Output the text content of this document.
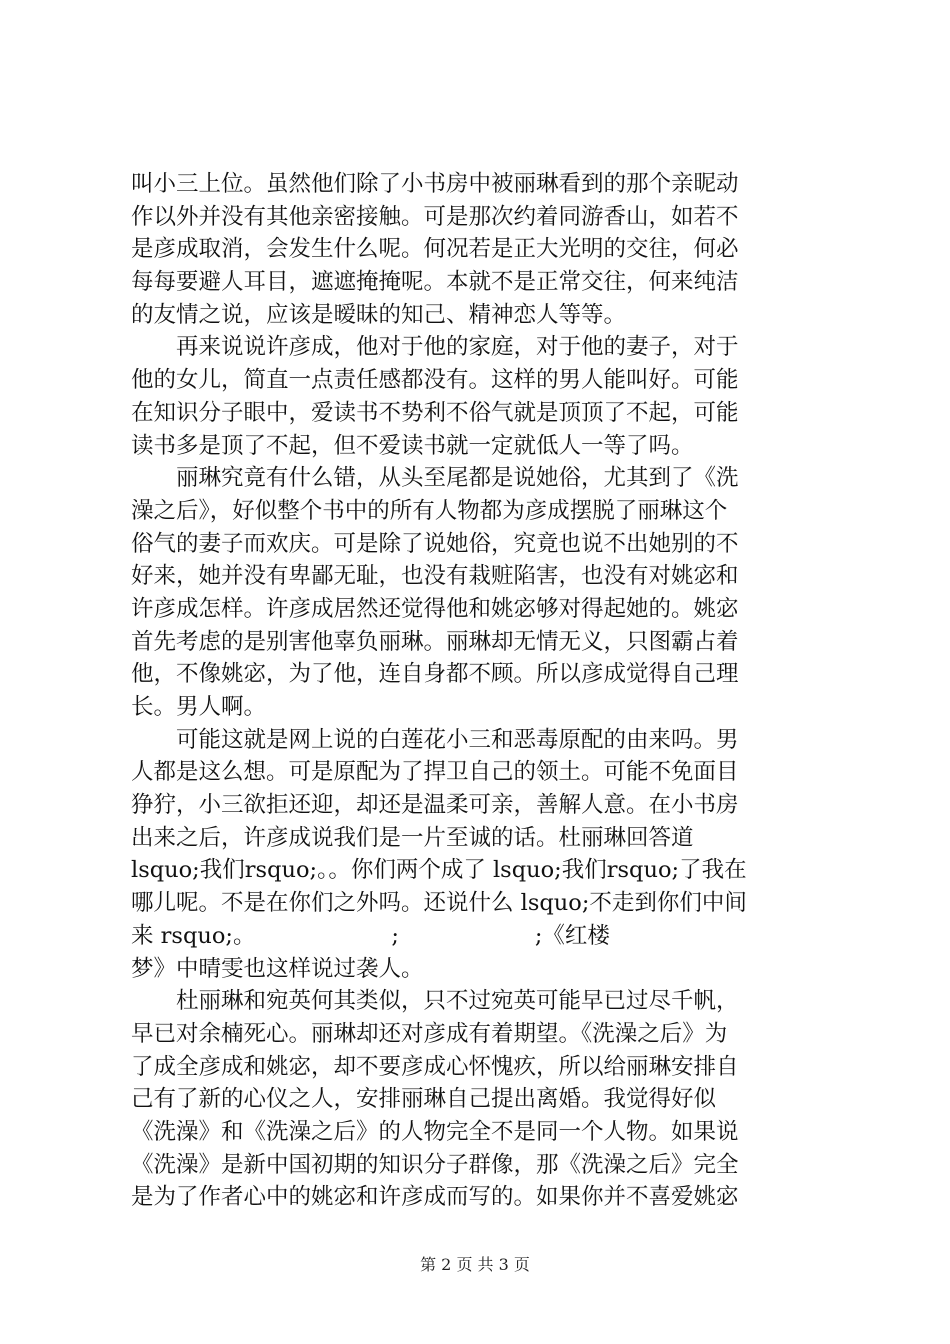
叫小三上位。虽然他们除了小书房中被丽琳看到的那个亲昵动
作以外并没有其他亲密接触。可是那次约着同游香山，如若不
是彦成取消，会发生什么呢。何况若是正大光明的交往，何必
每每要避人耳目，遮遮掩掩呢。本就不是正常交往，何来纯洁
的友情之说，应该是暧昧的知己、精神恋人等等。
　　再来说说许彦成，他对于他的家庭，对于他的妻子，对于
他的女儿，简直一点责任感都没有。这样的男人能叫好。可能
在知识分子眼中，爱读书不势利不俗气就是顶顶了不起，可能
读书多是顶了不起，但不爱读书就一定就低人一等了吗。
　　丽琳究竟有什么错，从头至尾都是说她俗，尤其到了《洗
澡之后》，好似整个书中的所有人物都为彦成摆脱了丽琳这个
俗气的妻子而欢庆。可是除了说她俗，究竟也说不出她别的不
好来，她并没有卑鄙无耻，也没有栽赃陷害，也没有对姚宓和
许彦成怎样。许彦成居然还觉得他和姚宓够对得起她的。姚宓
首先考虑的是别害他辜负丽琳。丽琳却无情无义，只图霸占着
他，不像姚宓，为了他，连自身都不顾。所以彦成觉得自己理
长。男人啊。
　　可能这就是网上说的白莲花小三和恶毒原配的由来吗。男
人都是这么想。可是原配为了捍卫自己的领土。可能不免面目
狰狞，小三欲拒还迎，却还是温柔可亲，善解人意。在小书房
出来之后，许彦成说我们是一片至诚的话。杜丽琳回答道
lsquo;我们rsquo;。。你们两个成了 lsquo;我们rsquo;了我在
哪儿呢。不是在你们之外吗。还说什么 lsquo;不走到你们中间
来 rsquo;。                   ;                   ;《红楼
梦》中晴雯也这样说过袭人。
　　杜丽琳和宛英何其类似，只不过宛英可能早已过尽千帆，
早已对余楠死心。丽琳却还对彦成有着期望。《洗澡之后》为
了成全彦成和姚宓，却不要彦成心怀愧疚，所以给丽琳安排自
己有了新的心仪之人，安排丽琳自己提出离婚。我觉得好似
《洗澡》和《洗澡之后》的人物完全不是同一个人物。如果说
《洗澡》是新中国初期的知识分子群像，那《洗澡之后》完全
是为了作者心中的姚宓和许彦成而写的。如果你并不喜爱姚宓
第 2 页 共 3 页
